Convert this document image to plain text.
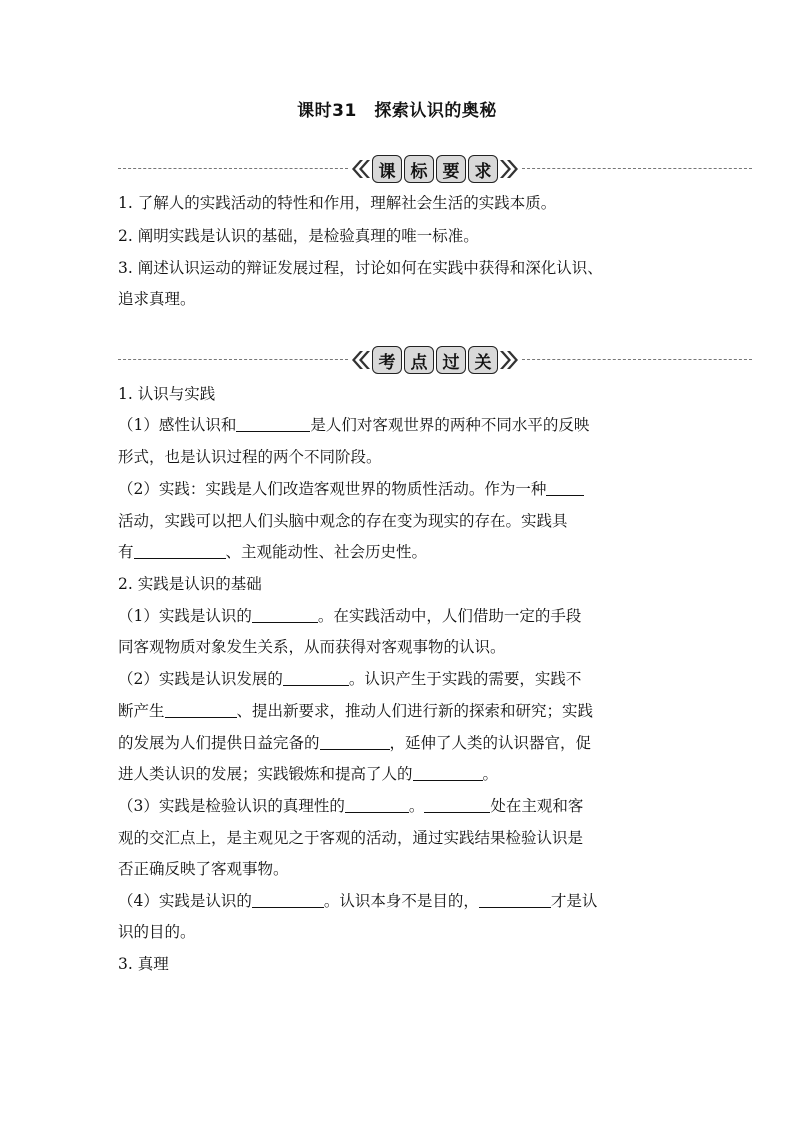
课时31　探索认识的奥秘
课 标 要 求
1. 了解人的实践活动的特性和作用，理解社会生活的实践本质。
2. 阐明实践是认识的基础，是检验真理的唯一标准。
3. 阐述认识运动的辩证发展过程，讨论如何在实践中获得和深化认识、
追求真理。
考 点 过 关
1. 认识与实践
（1）感性认识和	是人们对客观世界的两种不同水平的反映
形式，也是认识过程的两个不同阶段。
（2）实践：实践是人们改造客观世界的物质性活动。作为一种
活动，实践可以把人们头脑中观念的存在变为现实的存在。实践具
有	、主观能动性、社会历史性。
2. 实践是认识的基础
（1）实践是认识的	。在实践活动中，人们借助一定的手段
同客观物质对象发生关系，从而获得对客观事物的认识。
（2）实践是认识发展的	。认识产生于实践的需要，实践不
断产生	、提出新要求，推动人们进行新的探索和研究；实践
的发展为人们提供日益完备的	，延伸了人类的认识器官，促
进人类认识的发展；实践锻炼和提高了人的	。
（3）实践是检验认识的真理性的	。	处在主观和客
观的交汇点上，是主观见之于客观的活动，通过实践结果检验认识是
否正确反映了客观事物。
（4）实践是认识的	。认识本身不是目的，	才是认
识的目的。
3. 真理
